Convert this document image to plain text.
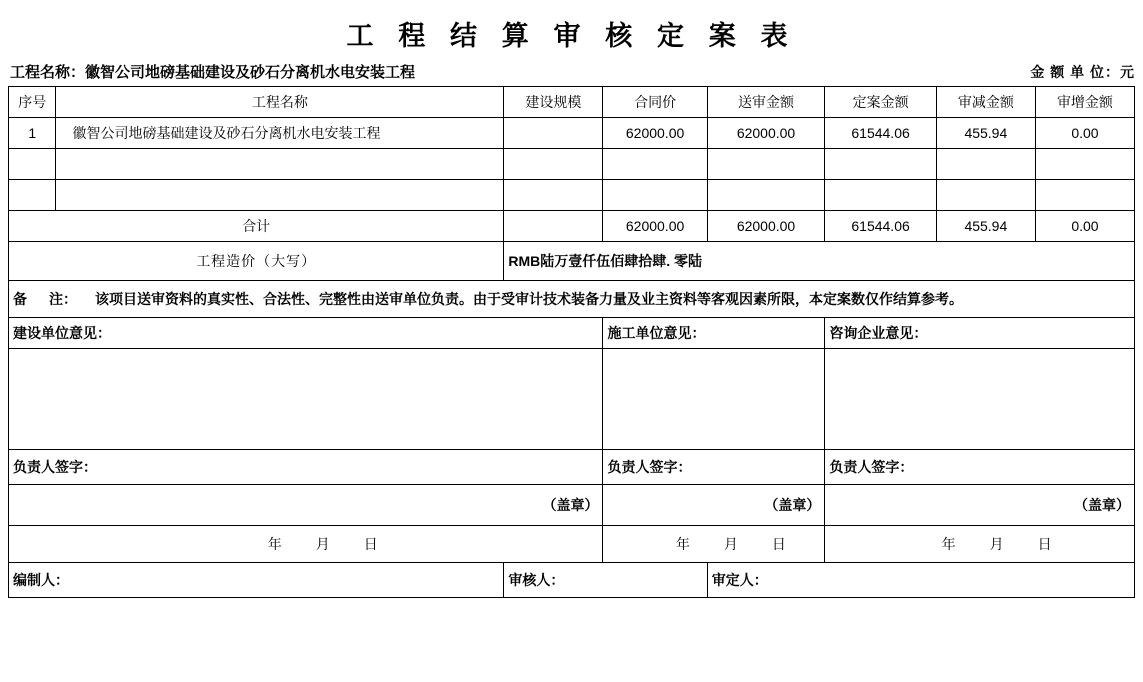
工 程 结 算 审 核 定 案 表
工程名称：徽智公司地磅基础建设及砂石分离机水电安装工程	金 额 单 位：元
序号	工程名称	建设规模	合同价	送审金额	定案金额	审减金额	审增金额
1	徽智公司地磅基础建设及砂石分离机水电安装工程		62000.00	62000.00	61544.06	455.94	0.00

合计			62000.00	62000.00	61544.06	455.94	0.00
工程造价（大写）		RMB陆万壹仟伍佰肆拾肆. 零陆					
备 注： 该项目送审资料的真实性、合法性、完整性由送审单位负责。由于受审计技术装备力量及业主资料等客观因素所限，本定案数仅作结算参考。							
建设单位意见：			施工单位意见：		咨询企业意见：		

负责人签字：			负责人签字：		负责人签字：		
（盖章）			（盖章）		（盖章）		
年 月 日			年 月 日		年 月 日		
编制人：		审核人：		审定人：			
